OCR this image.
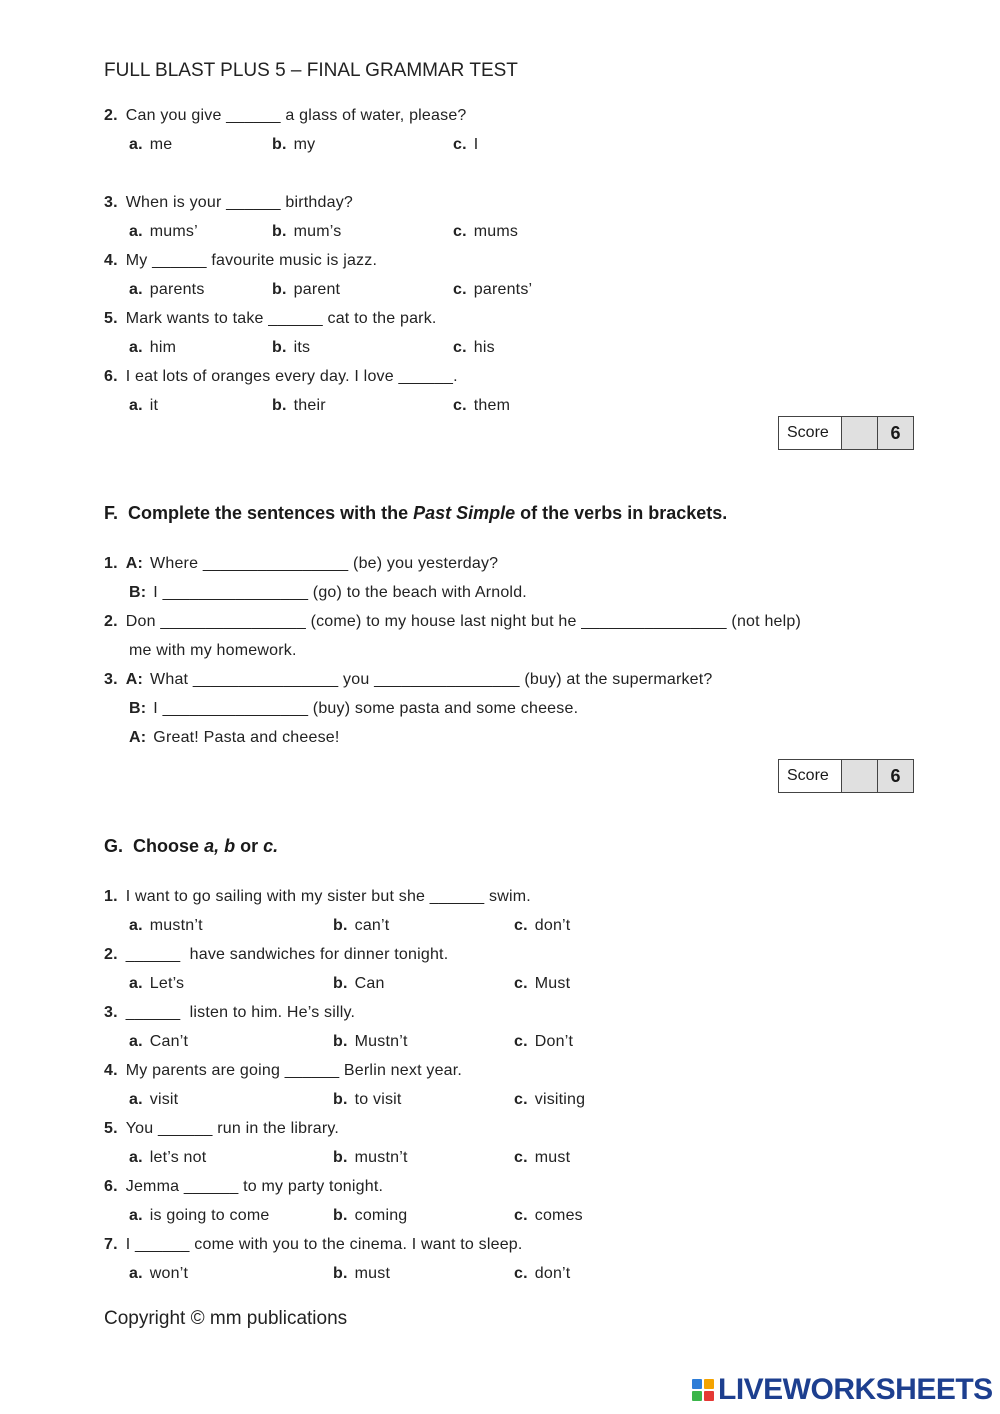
FULL BLAST PLUS 5 – FINAL GRAMMAR TEST
2. Can you give ______ a glass of water, please?
a. me	b. my	c. I
3. When is your ______ birthday?
a. mums’	b. mum’s	c. mums
4. My ______ favourite music is jazz.
a. parents	b. parent	c. parents’
5. Mark wants to take ______ cat to the park.
a. him	b. its	c. his
6. I eat lots of oranges every day. I love ______.
a. it	b. their	c. them
Score	6
F. Complete the sentences with the Past Simple of the verbs in brackets.
1. A: Where ________________ (be) you yesterday?
B: I ________________ (go) to the beach with Arnold.
2. Don ________________ (come) to my house last night but he ________________ (not help)
me with my homework.
3. A: What ________________ you ________________ (buy) at the supermarket?
B: I ________________ (buy) some pasta and some cheese.
A: Great! Pasta and cheese!
Score	6
G. Choose a, b or c.
1. I want to go sailing with my sister but she ______ swim.
a. mustn’t	b. can’t	c. don’t
2. ______  have sandwiches for dinner tonight.
a. Let’s	b. Can	c. Must
3. ______  listen to him. He’s silly.
a. Can’t	b. Mustn’t	c. Don’t
4. My parents are going ______ Berlin next year.
a. visit	b. to visit	c. visiting
5. You ______ run in the library.
a. let’s not	b. mustn’t	c. must
6. Jemma ______ to my party tonight.
a. is going to come	b. coming	c. comes
7. I ______ come with you to the cinema. I want to sleep.
a. won’t	b. must	c. don’t
Copyright © mm publications
LIVEWORKSHEETS
